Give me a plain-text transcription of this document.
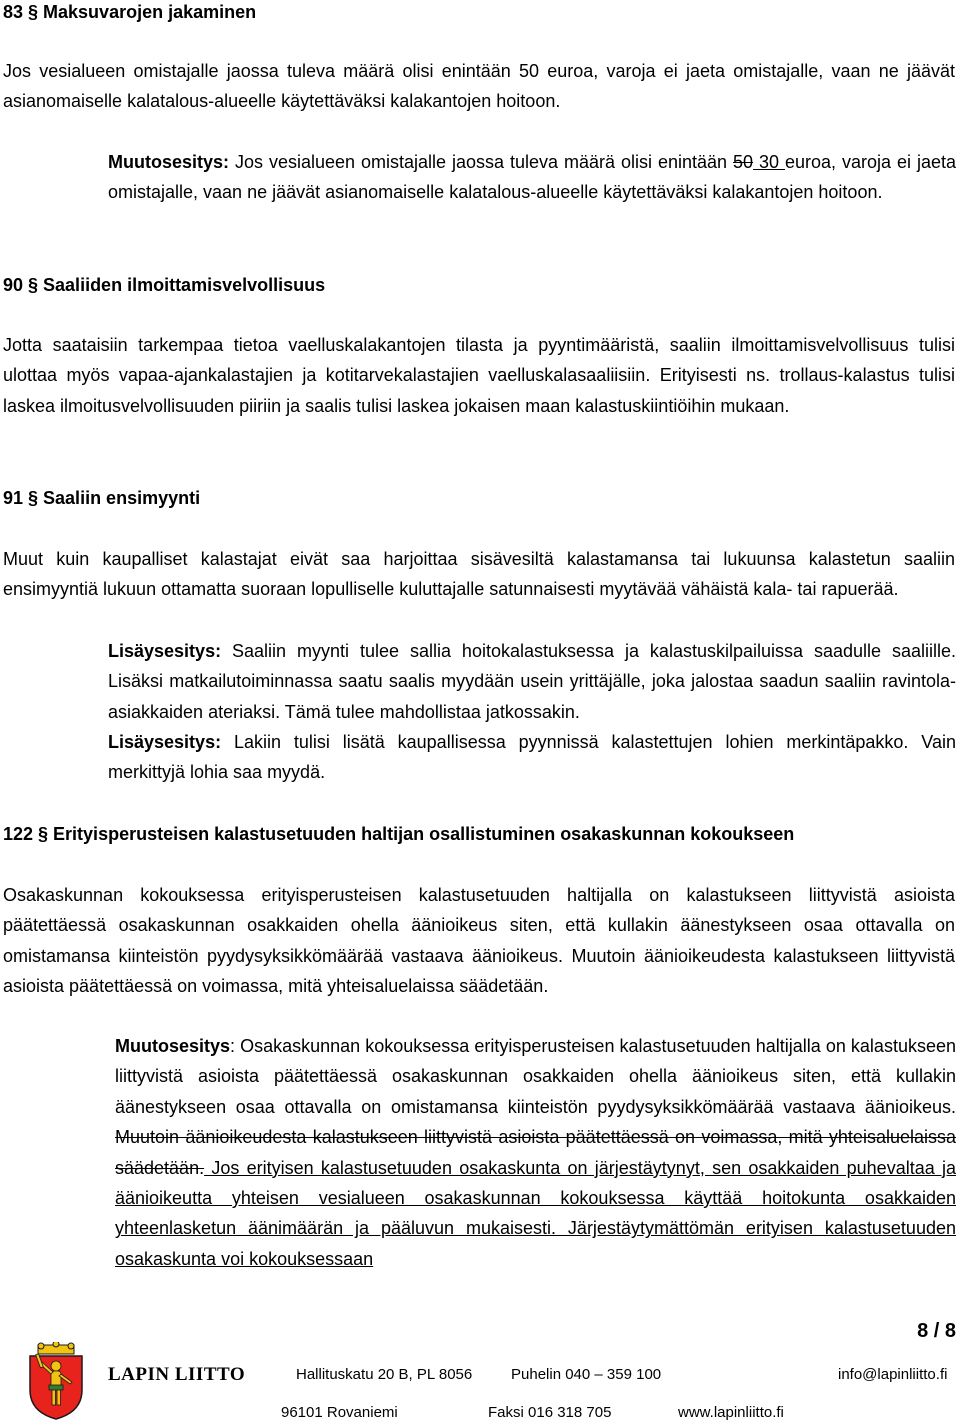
83 § Maksuvarojen jakaminen
Jos vesialueen omistajalle jaossa tuleva määrä olisi enintään 50 euroa, varoja ei jaeta omistajalle, vaan ne jäävät asianomaiselle kalatalous-alueelle käytettäväksi kalakantojen hoitoon.
Muutosesitys: Jos vesialueen omistajalle jaossa tuleva määrä olisi enintään 50 30 euroa, varoja ei jaeta omistajalle, vaan ne jäävät asianomaiselle kalatalous-alueelle käytettäväksi kalakantojen hoitoon.
90 § Saaliiden ilmoittamisvelvollisuus
Jotta saataisiin tarkempaa tietoa vaelluskalakantojen tilasta ja pyyntimääristä, saaliin ilmoittamisvelvollisuus tulisi ulottaa myös vapaa-ajankalastajien ja kotitarvekalastajien vaelluskalasaaliisiin. Erityisesti ns. trollaus-kalastus tulisi laskea ilmoitusvelvollisuuden piiriin ja saalis tulisi laskea jokaisen maan kalastuskiintiöihin mukaan.
91 § Saaliin ensimyynti
Muut kuin kaupalliset kalastajat eivät saa harjoittaa sisävesiltä kalastamansa tai lukuunsa kalastetun saaliin ensimyyntiä lukuun ottamatta suoraan lopulliselle kuluttajalle satunnaisesti myytävää vähäistä kala- tai rapuerää.
Lisäysesitys: Saaliin myynti tulee sallia hoitokalastuksessa ja kalastuskilpailuissa saadulle saaliille. Lisäksi matkailutoiminnassa saatu saalis myydään usein yrittäjälle, joka jalostaa saadun saaliin ravintola-asiakkaiden ateriaksi. Tämä tulee mahdollistaa jatkossakin.
Lisäysesitys: Lakiin tulisi lisätä kaupallisessa pyynnissä kalastettujen lohien merkintäpakko. Vain merkittyjä lohia saa myydä.
122 § Erityisperusteisen kalastusetuuden haltijan osallistuminen osakaskunnan kokoukseen
Osakaskunnan kokouksessa erityisperusteisen kalastusetuuden haltijalla on kalastukseen liittyvistä asioista päätettäessä osakaskunnan osakkaiden ohella äänioikeus siten, että kullakin äänestykseen osaa ottavalla on omistamansa kiinteistön pyydysyksikkömäärää vastaava äänioikeus. Muutoin äänioikeudesta kalastukseen liittyvistä asioista päätettäessä on voimassa, mitä yhteisaluelaissa säädetään.
Muutosesitys: Osakaskunnan kokouksessa erityisperusteisen kalastusetuuden haltijalla on kalastukseen liittyvistä asioista päätettäessä osakaskunnan osakkaiden ohella äänioikeus siten, että kullakin äänestykseen osaa ottavalla on omistamansa kiinteistön pyydysyksikkömäärää vastaava äänioikeus. Muutoin äänioikeudesta kalastukseen liittyvistä asioista päätettäessä on voimassa, mitä yhteisaluelaissa säädetään. Jos erityisen kalastusetuuden osakaskunta on järjestäytynyt, sen osakkaiden puhevaltaa ja äänioikeutta yhteisen vesialueen osakaskunnan kokouksessa käyttää hoitokunta osakkaiden yhteenlasketun äänimäärän ja pääluvun mukaisesti. Järjestäytymättömän erityisen kalastusetuuden osakaskunta voi kokouksessaan
8 / 8
LAPIN LIITTO	Hallituskatu 20 B, PL 8056	Puhelin 040 – 359 100	info@lapinliitto.fi
96101 Rovaniemi	Faksi 016 318 705	www.lapinliitto.fi
